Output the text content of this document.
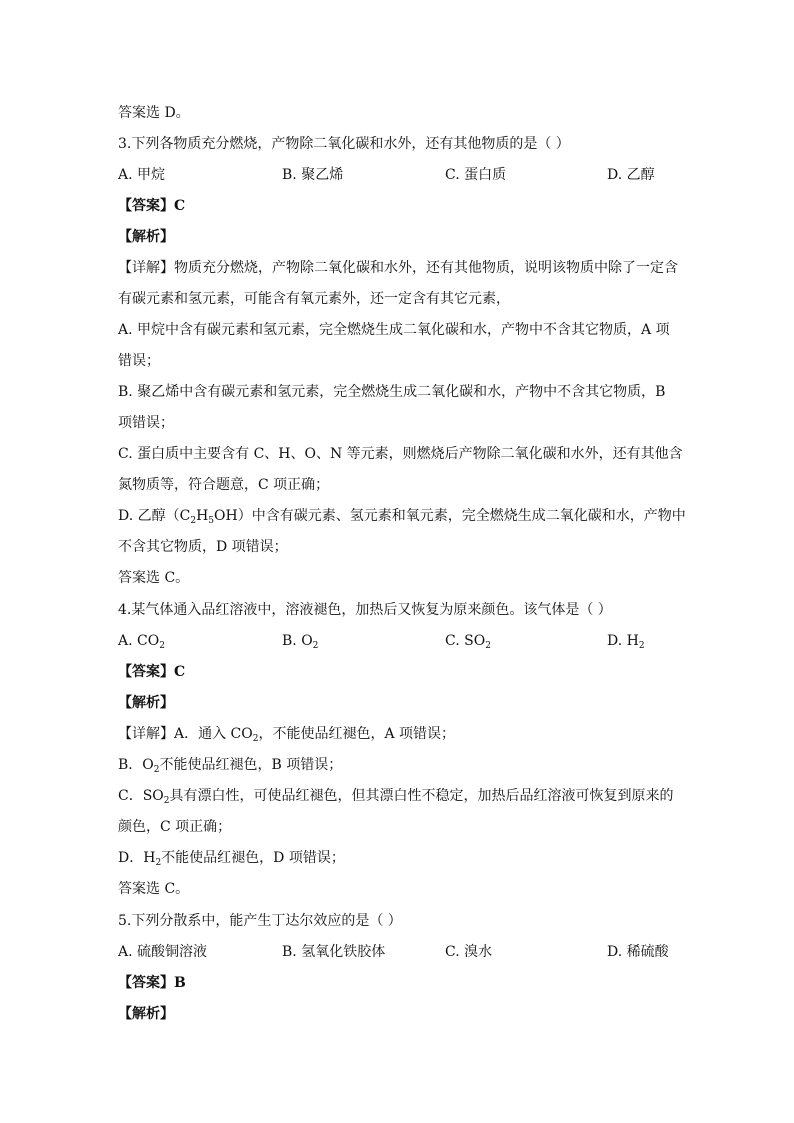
答案选 D。
3.下列各物质充分燃烧，产物除二氧化碳和水外，还有其他物质的是（ ）
A. 甲烷	B. 聚乙烯	C. 蛋白质	D. 乙醇
【答案】C
【解析】
【详解】物质充分燃烧，产物除二氧化碳和水外，还有其他物质，说明该物质中除了一定含
有碳元素和氢元素，可能含有氧元素外，还一定含有其它元素，
A. 甲烷中含有碳元素和氢元素，完全燃烧生成二氧化碳和水，产物中不含其它物质，A 项
错误；
B. 聚乙烯中含有碳元素和氢元素，完全燃烧生成二氧化碳和水，产物中不含其它物质，B
项错误；
C. 蛋白质中主要含有 C、H、O、N 等元素，则燃烧后产物除二氧化碳和水外，还有其他含
氮物质等，符合题意，C 项正确；
D. 乙醇$(C_2H_5OH)$中含有碳元素、氢元素和氧元素，完全燃烧生成二氧化碳和水，产物中
不含其它物质，D 项错误；
答案选 C。
4.某气体通入品红溶液中，溶液褪色，加热后又恢复为原来颜色。该气体是（ ）
A. $CO_2$	B. $O_2$	C. $SO_2$	D. $H_2$
【答案】C
【解析】
【详解】A．通入 $CO_2$，不能使品红褪色，A 项错误；
B．$O_2$不能使品红褪色，B 项错误；
C．$SO_2$具有漂白性，可使品红褪色，但其漂白性不稳定，加热后品红溶液可恢复到原来的
颜色，C 项正确；
D．$H_2$不能使品红褪色，D 项错误；
答案选 C。
5.下列分散系中，能产生丁达尔效应的是（ ）
A. 硫酸铜溶液	B. 氢氧化铁胶体	C. 溴水	D. 稀硫酸
【答案】B
【解析】
